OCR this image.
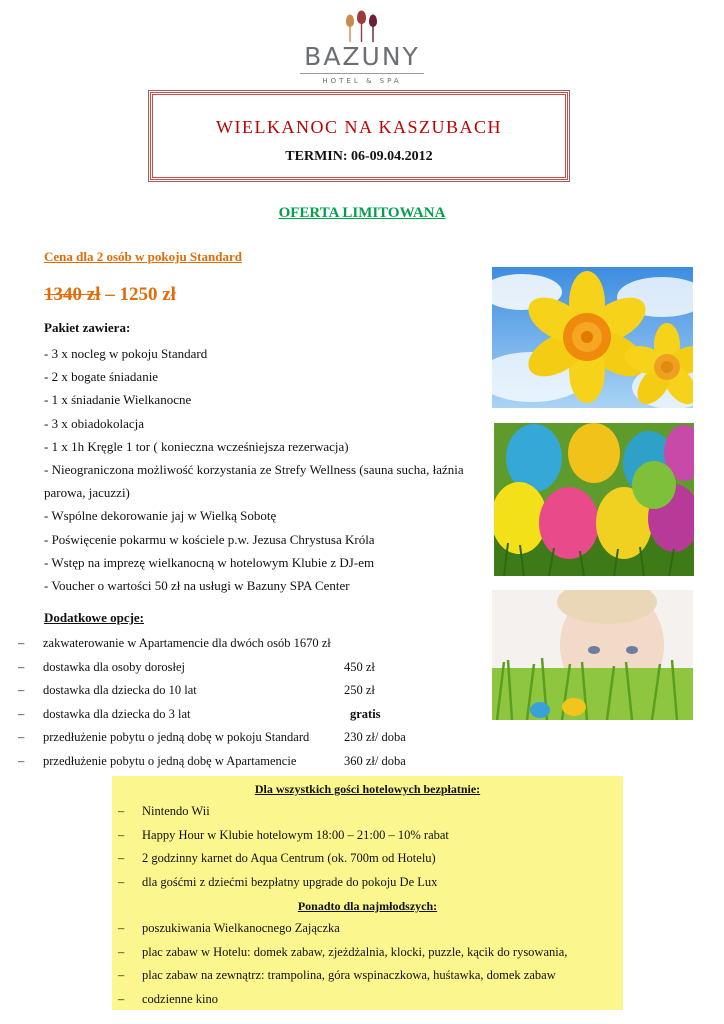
BAZUNY
HOTEL & SPA
WIELKANOC NA KASZUBACH
TERMIN: 06-09.04.2012
OFERTA LIMITOWANA
Cena dla 2 osób w pokoju Standard
1340 zł – 1250 zł
Pakiet zawiera:
- 3 x nocleg w pokoju Standard
- 2 x bogate śniadanie
- 1 x śniadanie Wielkanocne
- 3 x obiadokolacja
- 1 x 1h Kręgle 1 tor ( konieczna wcześniejsza rezerwacja)
- Nieograniczona możliwość korzystania ze Strefy Wellness (sauna sucha, łaźnia
parowa, jacuzzi)
- Wspólne dekorowanie jaj w Wielką Sobotę
- Poświęcenie pokarmu w kościele p.w. Jezusa Chrystusa Króla
- Wstęp na imprezę wielkanocną w hotelowym Klubie z DJ-em
- Voucher o wartości 50 zł na usługi w Bazuny SPA Center
Dodatkowe opcje:
– zakwaterowanie w Apartamencie dla dwóch osób 1670 zł
– dostawka dla osoby dorosłej	450 zł
– dostawka dla dziecka do 10 lat	250 zł
– dostawka dla dziecka do 3 lat	gratis
– przedłużenie pobytu o jedną dobę w pokoju Standard	230 zł/ doba
– przedłużenie pobytu o jedną dobę w Apartamencie	360 zł/ doba
Dla wszystkich gości hotelowych bezpłatnie:
– Nintendo Wii
– Happy Hour w Klubie hotelowym 18:00 – 21:00 – 10% rabat
– 2 godzinny karnet do Aqua Centrum (ok. 700m od Hotelu)
– dla gośćmi z dziećmi bezpłatny upgrade do pokoju De Lux
Ponadto dla najmłodszych:
– poszukiwania Wielkanocnego Zajączka
– plac zabaw w Hotelu: domek zabaw, zjeżdżalnia, klocki, puzzle, kącik do rysowania,
– plac zabaw na zewnątrz: trampolina, góra wspinaczkowa, huśtawka, domek zabaw
– codzienne kino
